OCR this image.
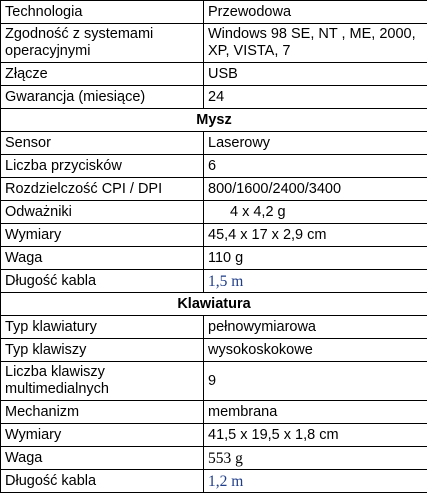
Technologia	Przewodowa
Zgodność z systemami operacyjnymi	Windows 98 SE, NT , ME, 2000, XP, VISTA, 7
Złącze	USB
Gwarancja (miesiące)	24
Mysz	
Sensor	Laserowy
Liczba przycisków	6
Rozdzielczość CPI / DPI	800/1600/2400/3400
Odważniki	4 x 4,2 g
Wymiary	45,4 x 17 x 2,9 cm
Waga	110 g
Długość kabla	1,5 m
Klawiatura	
Typ klawiatury	pełnowymiarowa
Typ klawiszy	wysokoskokowe
Liczba klawiszy multimedialnych	9
Mechanizm	membrana
Wymiary	41,5 x 19,5 x 1,8 cm
Waga	553 g
Długość kabla	1,2 m
